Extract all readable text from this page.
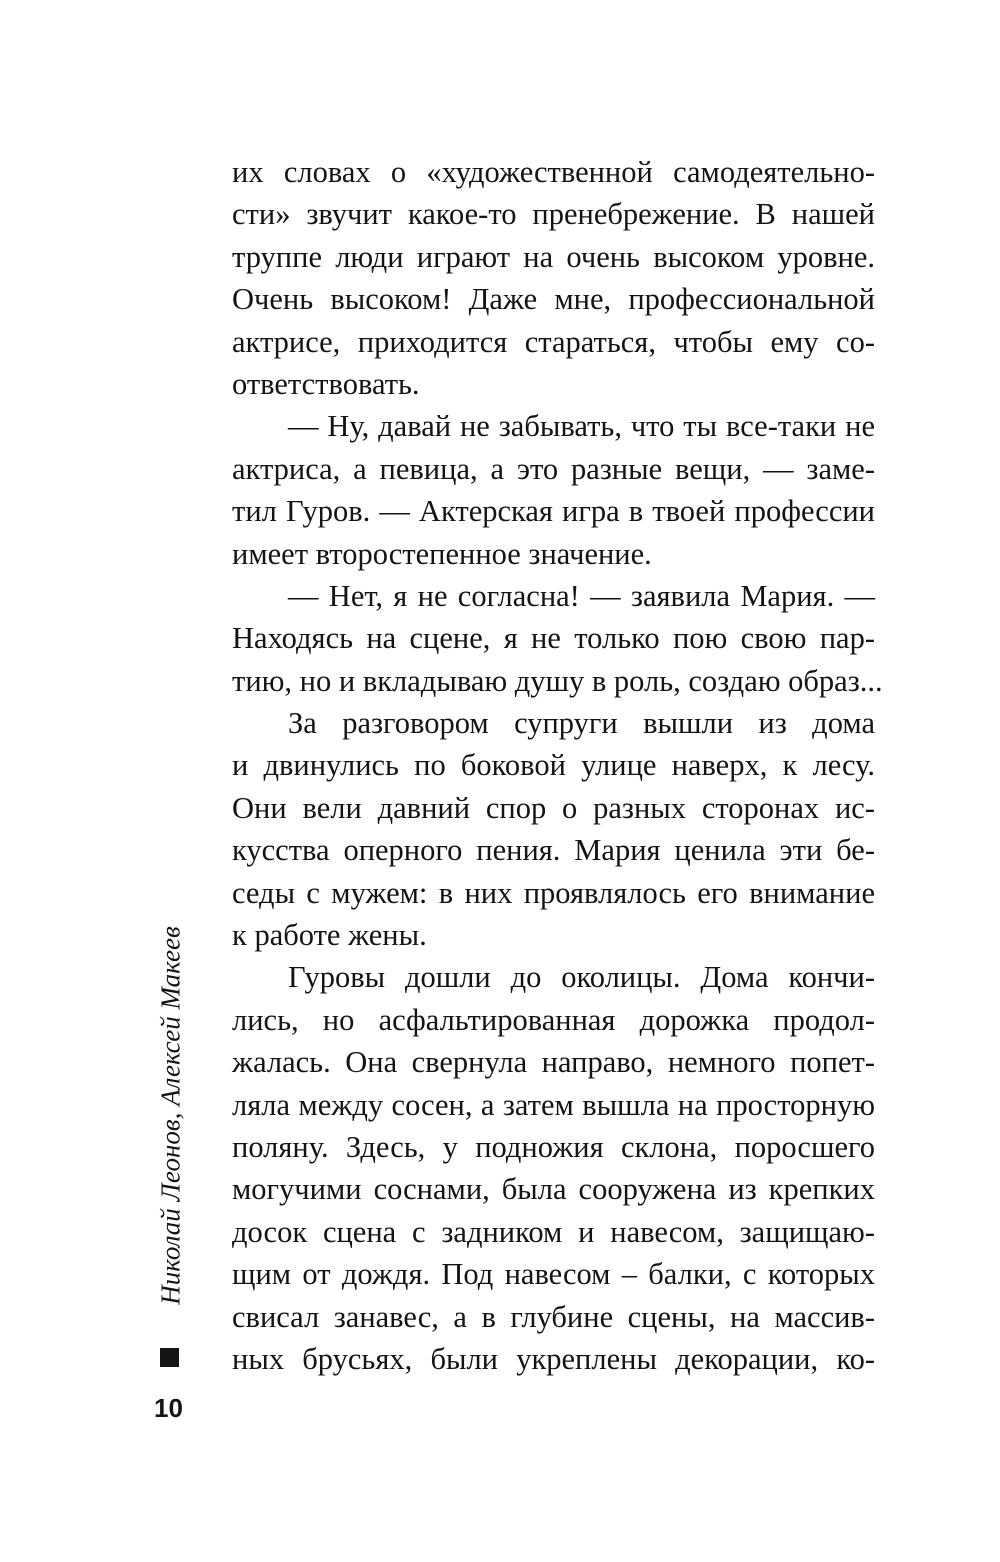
их словах о «художественной самодеятельно-
сти» звучит какое-то пренебрежение. В нашей
труппе люди играют на очень высоком уровне.
Очень высоком! Даже мне, профессиональной
актрисе, приходится стараться, чтобы ему со-
ответствовать.
— Ну, давай не забывать, что ты все-таки не
актриса, а певица, а это разные вещи, — заме-
тил Гуров. — Актерская игра в твоей профессии
имеет второстепенное значение.
— Нет, я не согласна! — заявила Мария. —
Находясь на сцене, я не только пою свою пар-
тию, но и вкладываю душу в роль, создаю образ...
За разговором супруги вышли из дома
и двинулись по боковой улице наверх, к лесу.
Они вели давний спор о разных сторонах ис-
кусства оперного пения. Мария ценила эти бе-
седы с мужем: в них проявлялось его внимание
к работе жены.
Гуровы дошли до околицы. Дома кончи-
лись, но асфальтированная дорожка продол-
жалась. Она свернула направо, немного попет-
ляла между сосен, а затем вышла на просторную
поляну. Здесь, у подножия склона, поросшего
могучими соснами, была сооружена из крепких
досок сцена с задником и навесом, защищаю-
щим от дождя. Под навесом – балки, с которых
свисал занавес, а в глубине сцены, на массив-
ных брусьях, были укреплены декорации, ко-
Николай Леонов, Алексей Макеев
10
